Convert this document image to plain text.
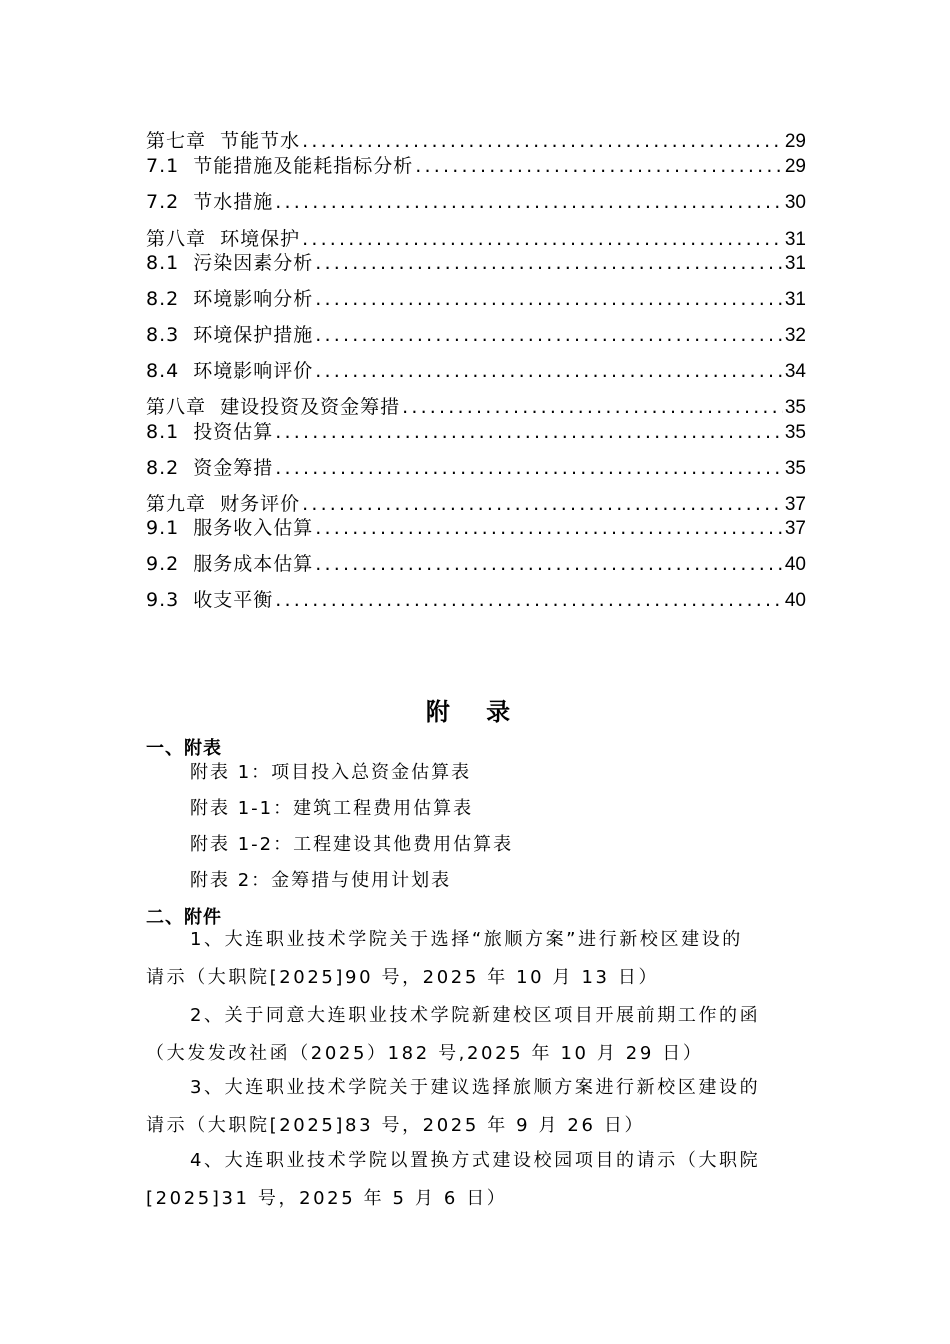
第七章  节能节水 .....	29
7.1  节能措施及能耗指标分析 .....	29
7.2  节水措施 .....	30
第八章  环境保护 .....	31
8.1  污染因素分析 .....	31
8.2  环境影响分析 .....	31
8.3  环境保护措施 .....	32
8.4  环境影响评价 .....	34
第八章  建设投资及资金筹措 .....	35
8.1  投资估算 .....	35
8.2  资金筹措 .....	35
第九章  财务评价 .....	37
9.1  服务收入估算 .....	37
9.2  服务成本估算 .....	40
9.3  收支平衡 .....	40
附 录
一、附表
附表 1：项目投入总资金估算表
附表 1-1：建筑工程费用估算表
附表 1-2：工程建设其他费用估算表
附表 2：金筹措与使用计划表
二、附件
1、大连职业技术学院关于选择“旅顺方案”进行新校区建设的
请示（大职院[2025]90 号，2025 年 10 月 13 日）
2、关于同意大连职业技术学院新建校区项目开展前期工作的函
（大发发改社函（2025）182 号,2025 年 10 月 29 日）
3、大连职业技术学院关于建议选择旅顺方案进行新校区建设的
请示（大职院[2025]83 号，2025 年 9 月 26 日）
4、大连职业技术学院以置换方式建设校园项目的请示（大职院
[2025]31 号，2025 年 5 月 6 日）
